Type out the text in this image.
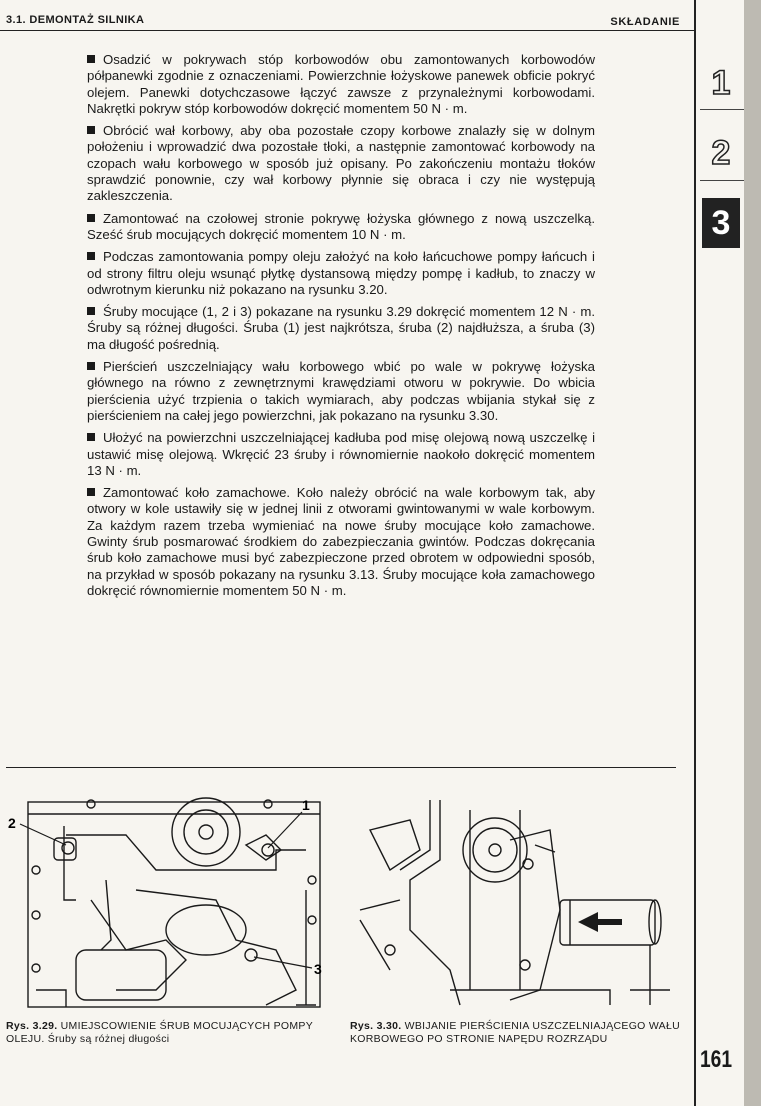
3.1. DEMONTAŻ SILNIKA	SKŁADANIE
1
2
3

Osadzić w pokrywach stóp korbowodów obu zamontowanych korbowodów półpanewki zgodnie z oznaczeniami. Powierzchnie łożyskowe panewek obficie pokryć olejem. Panewki dotychczasowe łączyć zawsze z przynależnymi korbowodami. Nakrętki pokryw stóp korbowodów dokręcić momentem 50 N · m.

Obrócić wał korbowy, aby oba pozostałe czopy korbowe znalazły się w dolnym położeniu i wprowadzić dwa pozostałe tłoki, a następnie zamontować korbowody na czopach wału korbowego w sposób już opisany. Po zakończeniu montażu tłoków sprawdzić ponownie, czy wał korbowy płynnie się obraca i czy nie występują zakleszczenia.

Zamontować na czołowej stronie pokrywę łożyska głównego z nową uszczelką. Sześć śrub mocujących dokręcić momentem 10 N · m.

Podczas zamontowania pompy oleju założyć na koło łańcuchowe pompy łańcuch i od strony filtru oleju wsunąć płytkę dystansową między pompę i kadłub, to znaczy w odwrotnym kierunku niż pokazano na rysunku 3.20.

Śruby mocujące (1, 2 i 3) pokazane na rysunku 3.29 dokręcić momentem 12 N · m. Śruby są różnej długości. Śruba (1) jest najkrótsza, śruba (2) najdłuższa, a śruba (3) ma długość pośrednią.

Pierścień uszczelniający wału korbowego wbić po wale w pokrywę łożyska głównego na równo z zewnętrznymi krawędziami otworu w pokrywie. Do wbicia pierścienia użyć trzpienia o takich wymiarach, aby podczas wbijania stykał się z pierścieniem na całej jego powierzchni, jak pokazano na rysunku 3.30.

Ułożyć na powierzchni uszczelniającej kadłuba pod misę olejową nową uszczelkę i ustawić misę olejową. Wkręcić 23 śruby i równomiernie naokoło dokręcić momentem 13 N · m.

Zamontować koło zamachowe. Koło należy obrócić na wale korbowym tak, aby otwory w kole ustawiły się w jednej linii z otworami gwintowanymi w wale korbowym. Za każdym razem trzeba wymieniać na nowe śruby mocujące koło zamachowe. Gwinty śrub posmarować środkiem do zabezpieczania gwintów. Podczas dokręcania śrub koło zamachowe musi być zabezpieczone przed obrotem w odpowiedni sposób, na przykład w sposób pokazany na rysunku 3.13. Śruby mocujące koła zamachowego dokręcić równomiernie momentem 50 N · m.

2
1
3
Rys. 3.29. UMIEJSCOWIENIE ŚRUB MOCUJĄCYCH POMPY OLEJU. Śruby są różnej długości
Rys. 3.30. WBIJANIE PIERŚCIENIA USZCZELNIAJĄCEGO WAŁU KORBOWEGO PO STRONIE NAPĘDU ROZRZĄDU
161
